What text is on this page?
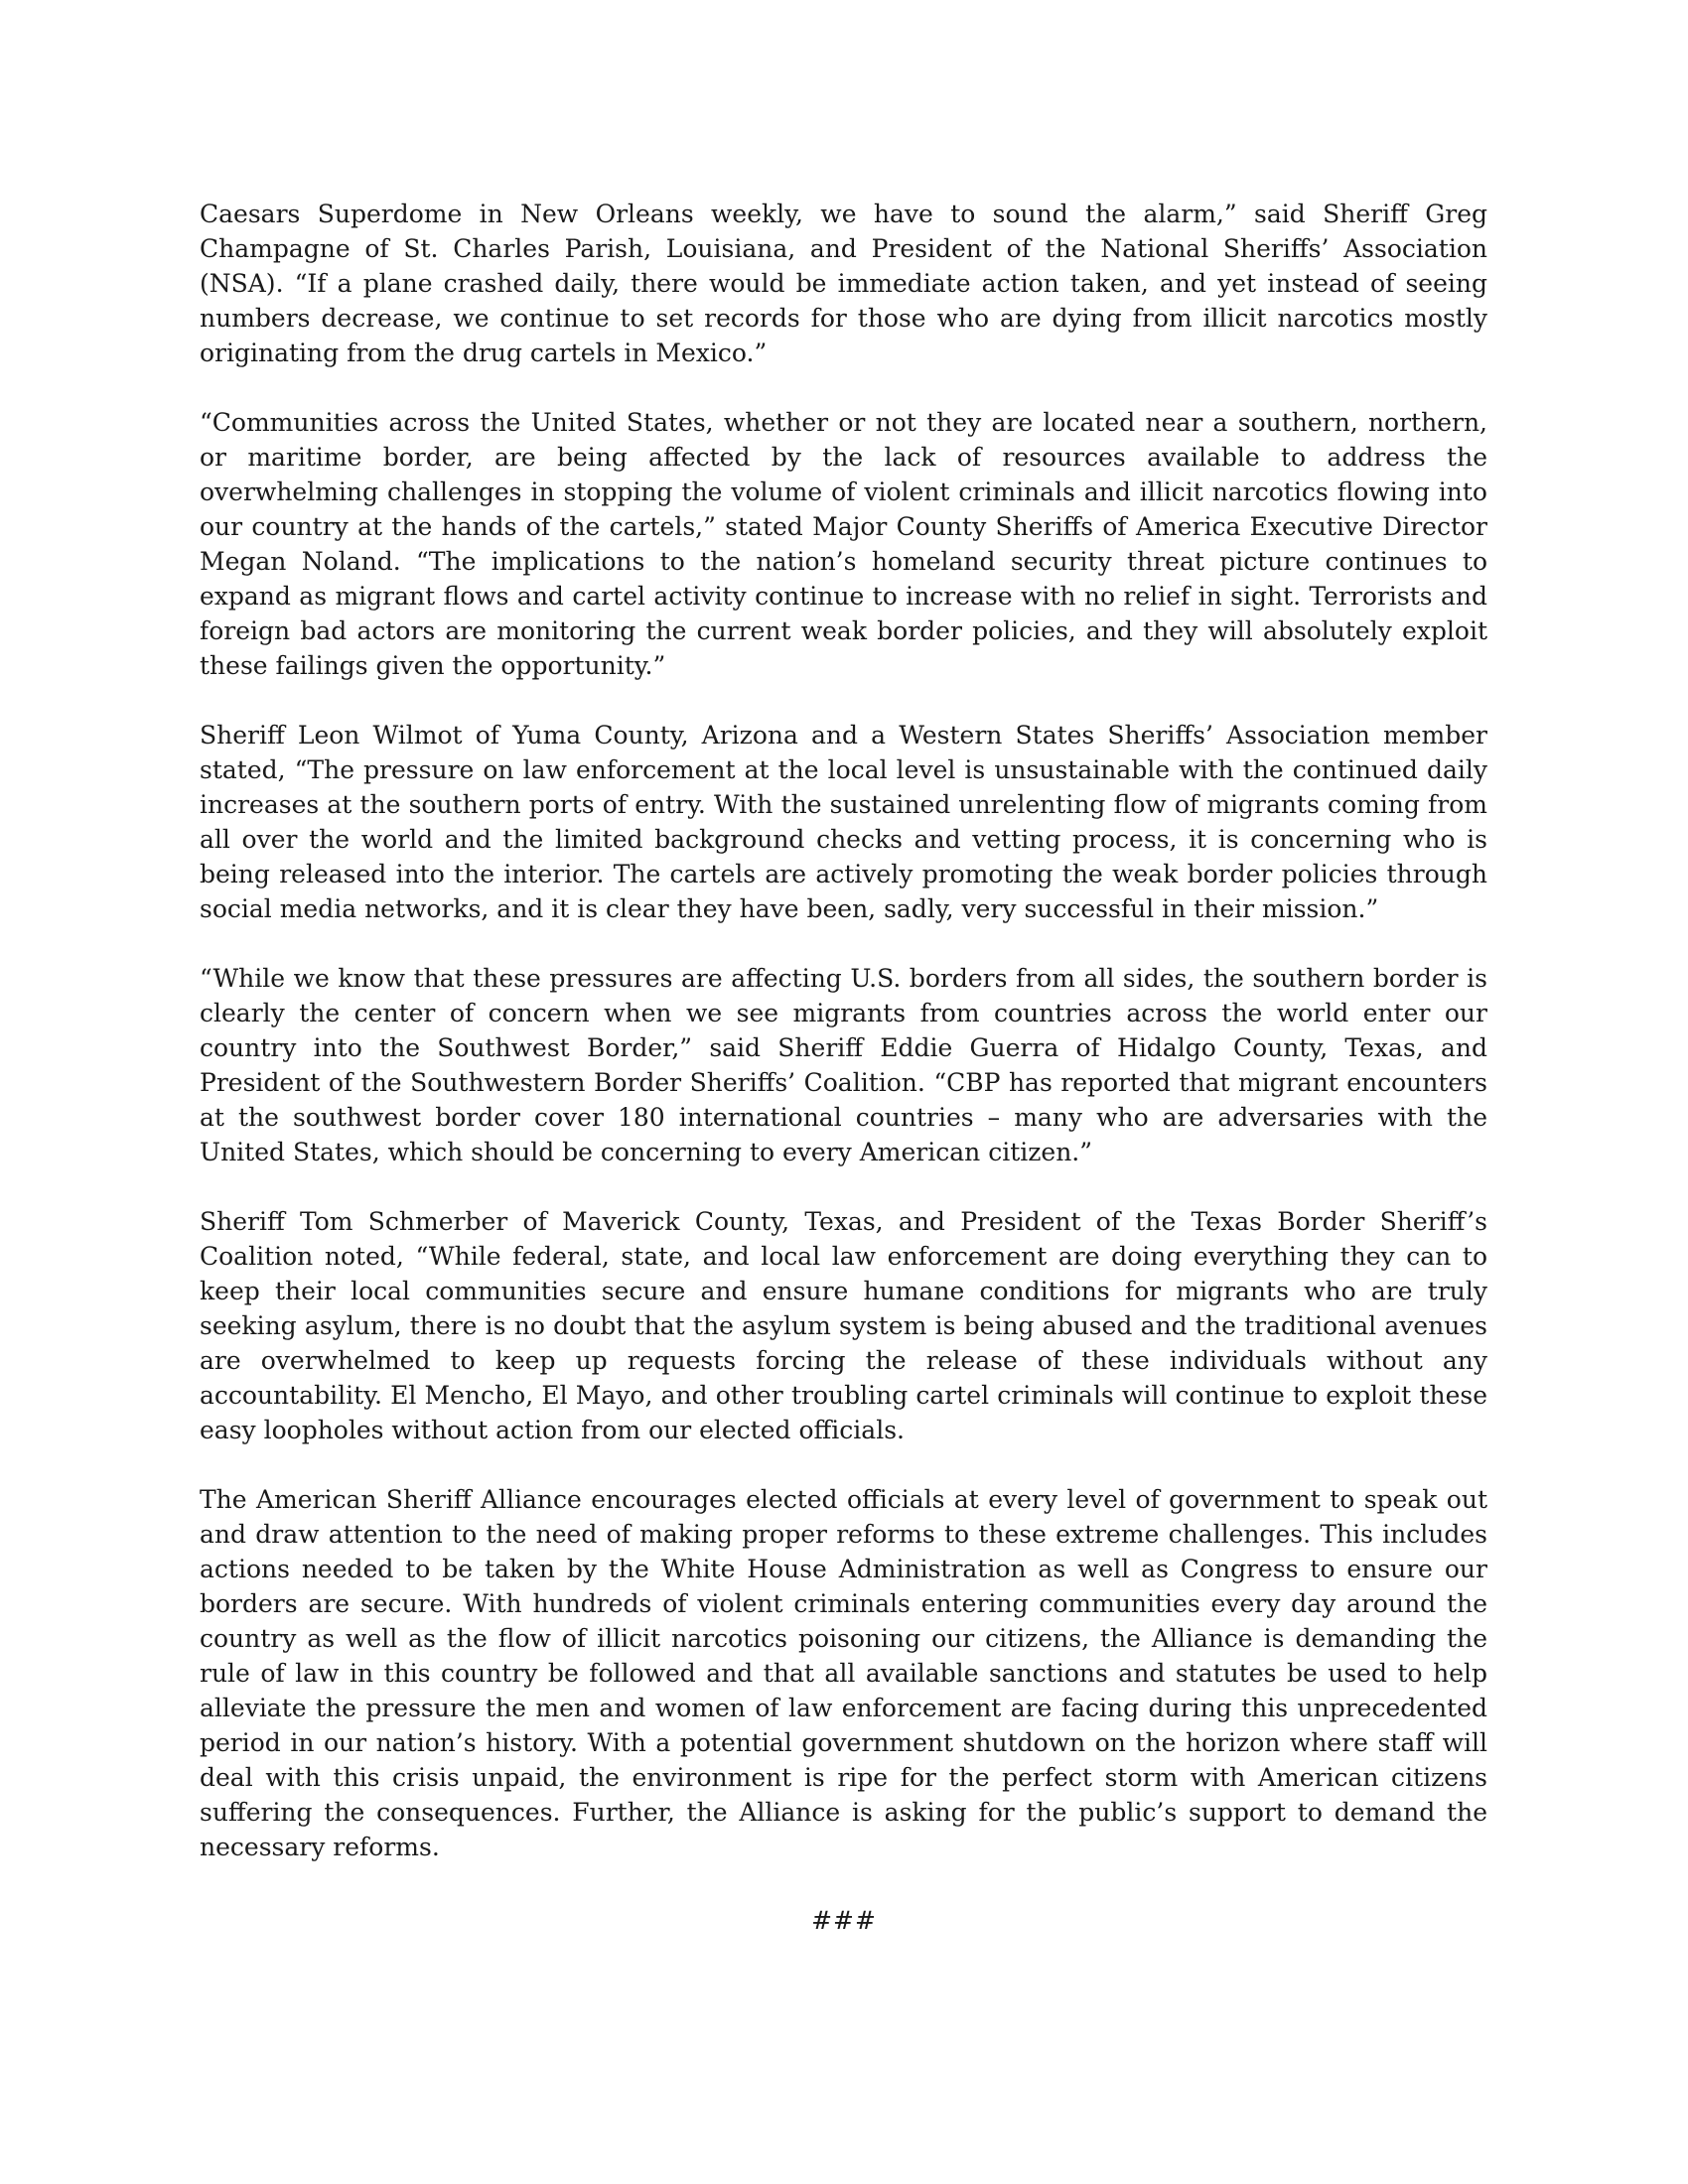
Caesars Superdome in New Orleans weekly, we have to sound the alarm,” said Sheriff Greg Champagne of St. Charles Parish, Louisiana, and President of the National Sheriffs’ Association (NSA). “If a plane crashed daily, there would be immediate action taken, and yet instead of seeing numbers decrease, we continue to set records for those who are dying from illicit narcotics mostly originating from the drug cartels in Mexico.”

“Communities across the United States, whether or not they are located near a southern, northern, or maritime border, are being affected by the lack of resources available to address the overwhelming challenges in stopping the volume of violent criminals and illicit narcotics flowing into our country at the hands of the cartels,” stated Major County Sheriffs of America Executive Director Megan Noland. “The implications to the nation’s homeland security threat picture continues to expand as migrant flows and cartel activity continue to increase with no relief in sight. Terrorists and foreign bad actors are monitoring the current weak border policies, and they will absolutely exploit these failings given the opportunity.”

Sheriff Leon Wilmot of Yuma County, Arizona and a Western States Sheriffs’ Association member stated, “The pressure on law enforcement at the local level is unsustainable with the continued daily increases at the southern ports of entry. With the sustained unrelenting flow of migrants coming from all over the world and the limited background checks and vetting process, it is concerning who is being released into the interior. The cartels are actively promoting the weak border policies through social media networks, and it is clear they have been, sadly, very successful in their mission.”

“While we know that these pressures are affecting U.S. borders from all sides, the southern border is clearly the center of concern when we see migrants from countries across the world enter our country into the Southwest Border,” said Sheriff Eddie Guerra of Hidalgo County, Texas, and President of the Southwestern Border Sheriffs’ Coalition. “CBP has reported that migrant encounters at the southwest border cover 180 international countries – many who are adversaries with the United States, which should be concerning to every American citizen.”

Sheriff Tom Schmerber of Maverick County, Texas, and President of the Texas Border Sheriff’s Coalition noted, “While federal, state, and local law enforcement are doing everything they can to keep their local communities secure and ensure humane conditions for migrants who are truly seeking asylum, there is no doubt that the asylum system is being abused and the traditional avenues are overwhelmed to keep up requests forcing the release of these individuals without any accountability. El Mencho, El Mayo, and other troubling cartel criminals will continue to exploit these easy loopholes without action from our elected officials.

The American Sheriff Alliance encourages elected officials at every level of government to speak out and draw attention to the need of making proper reforms to these extreme challenges. This includes actions needed to be taken by the White House Administration as well as Congress to ensure our borders are secure. With hundreds of violent criminals entering communities every day around the country as well as the flow of illicit narcotics poisoning our citizens, the Alliance is demanding the rule of law in this country be followed and that all available sanctions and statutes be used to help alleviate the pressure the men and women of law enforcement are facing during this unprecedented period in our nation’s history. With a potential government shutdown on the horizon where staff will deal with this crisis unpaid, the environment is ripe for the perfect storm with American citizens suffering the consequences. Further, the Alliance is asking for the public’s support to demand the necessary reforms.

###
